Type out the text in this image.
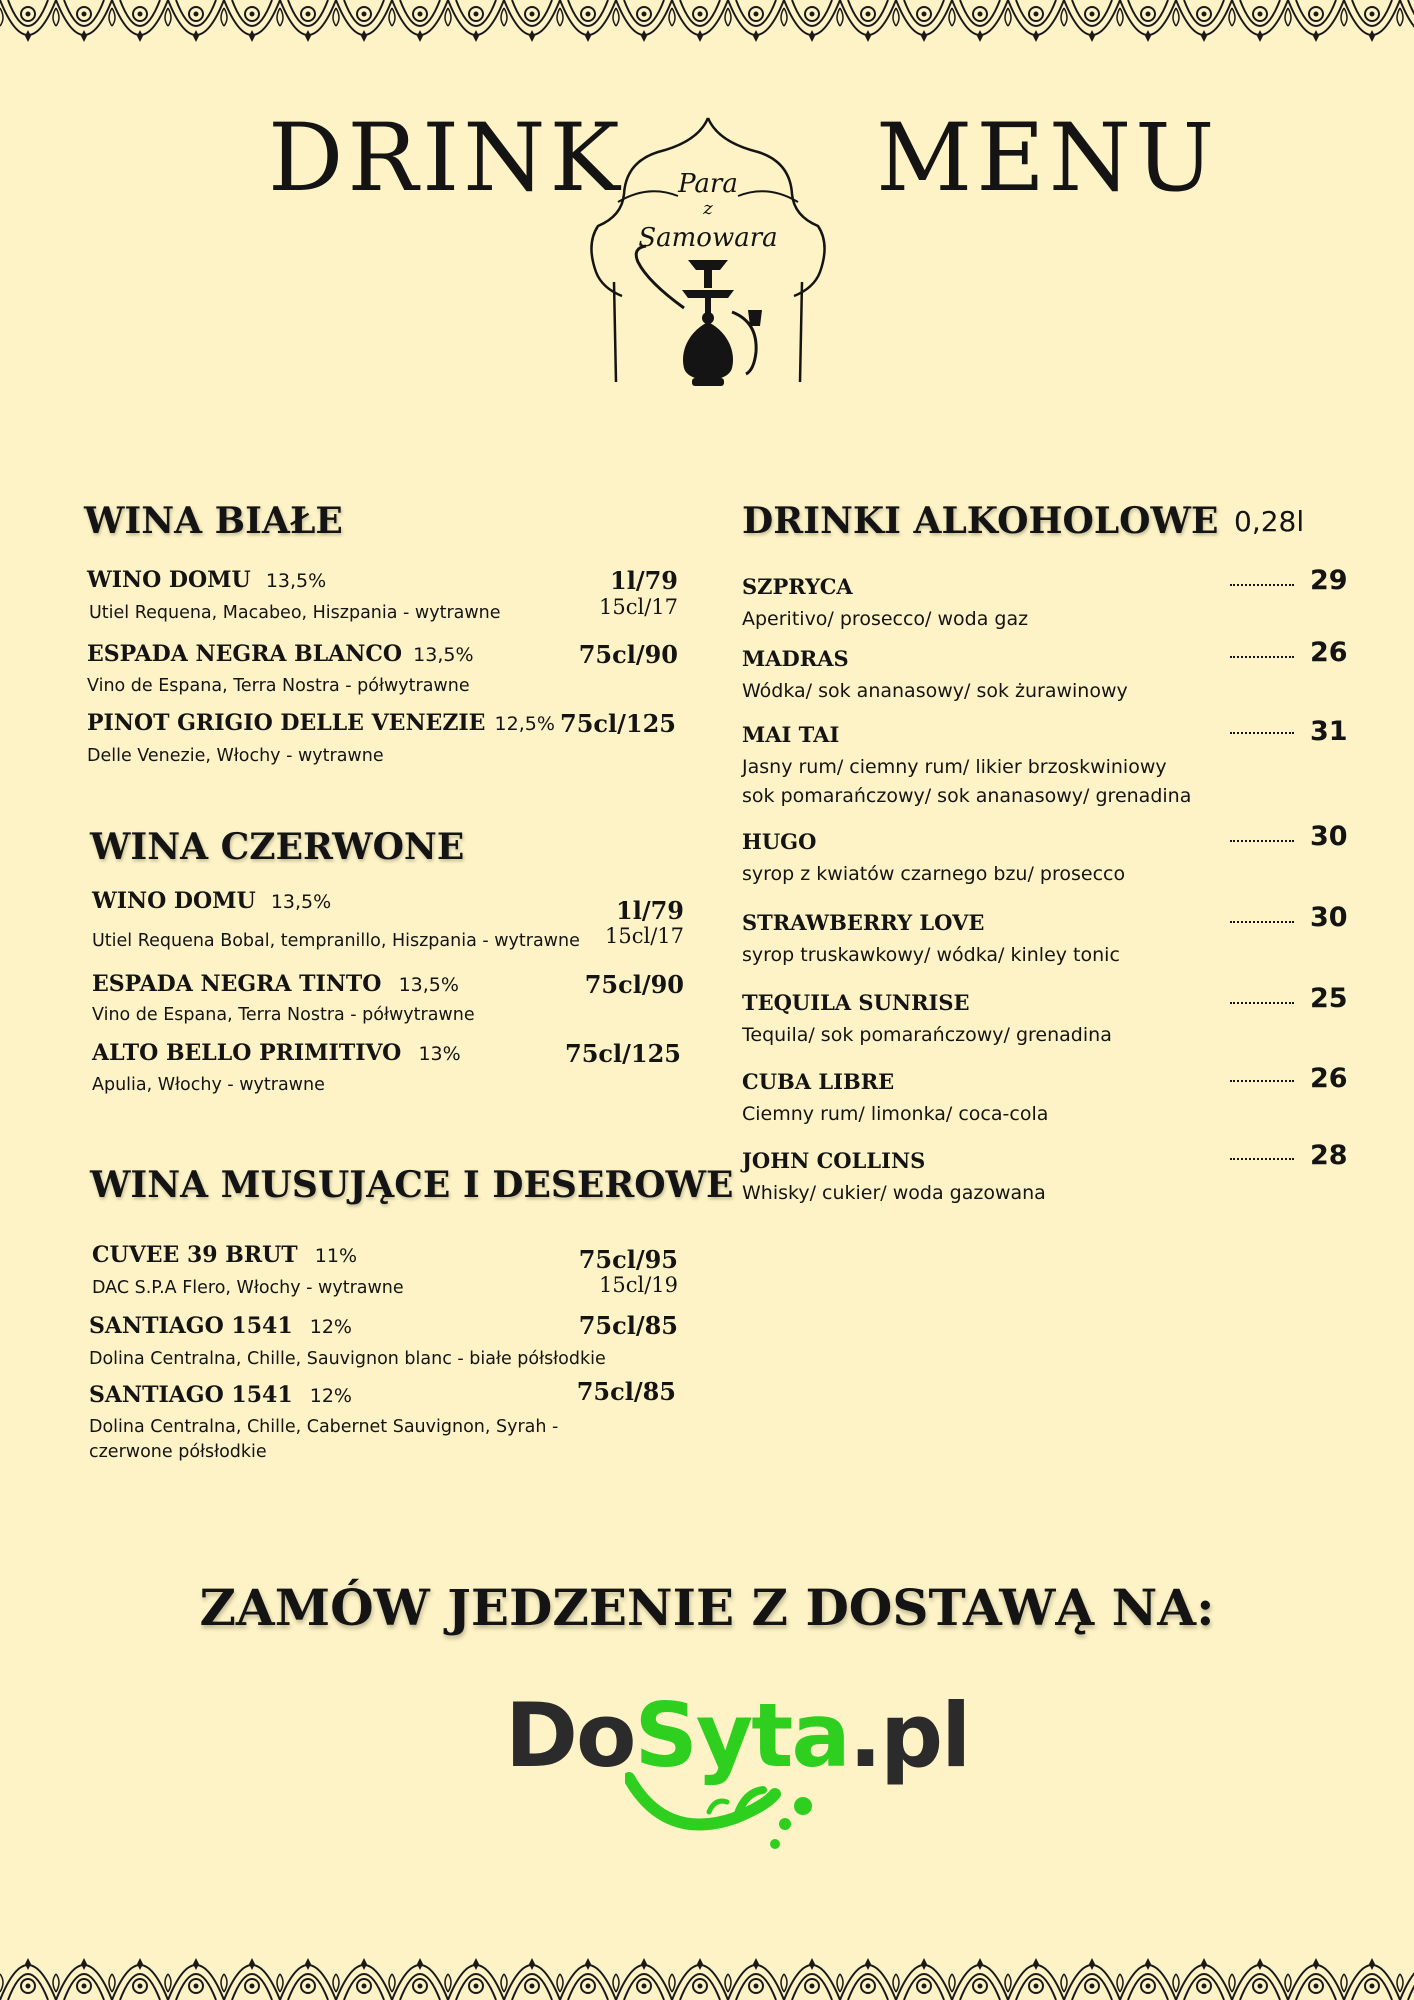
DRINK	MENU
Para
z
Samowara
WINA BIAŁE
WINO DOMU 13,5%
Utiel Requena, Macabeo, Hiszpania - wytrawne
1l/79
15cl/17
ESPADA NEGRA BLANCO 13,5%
Vino de Espana, Terra Nostra - półwytrawne
75cl/90
PINOT GRIGIO DELLE VENEZIE 12,5%
Delle Venezie, Włochy - wytrawne
75cl/125
WINA CZERWONE
WINO DOMU 13,5%
Utiel Requena Bobal, tempranillo, Hiszpania - wytrawne
1l/79
15cl/17
ESPADA NEGRA TINTO 13,5%
Vino de Espana, Terra Nostra - półwytrawne
75cl/90
ALTO BELLO PRIMITIVO 13%
Apulia, Włochy - wytrawne
75cl/125
WINA MUSUJĄCE I DESEROWE
CUVEE 39 BRUT 11%
DAC S.P.A Flero, Włochy - wytrawne
75cl/95
15cl/19
SANTIAGO 1541 12%
Dolina Centralna, Chille, Sauvignon blanc - białe półsłodkie
75cl/85
SANTIAGO 1541 12%
Dolina Centralna, Chille, Cabernet Sauvignon, Syrah -
czerwone półsłodkie
75cl/85
DRINKI ALKOHOLOWE 0,28l
SZPRYCA
Aperitivo/ prosecco/ woda gaz
29
MADRAS
Wódka/ sok ananasowy/ sok żurawinowy
26
MAI TAI
Jasny rum/ ciemny rum/ likier brzoskwiniowy
sok pomarańczowy/ sok ananasowy/ grenadina
31
HUGO
syrop z kwiatów czarnego bzu/ prosecco
30
STRAWBERRY LOVE
syrop truskawkowy/ wódka/ kinley tonic
30
TEQUILA SUNRISE
Tequila/ sok pomarańczowy/ grenadina
25
CUBA LIBRE
Ciemny rum/ limonka/ coca-cola
26
JOHN COLLINS
Whisky/ cukier/ woda gazowana
28
ZAMÓW JEDZENIE Z DOSTAWĄ NA:
DoSyta.pl
